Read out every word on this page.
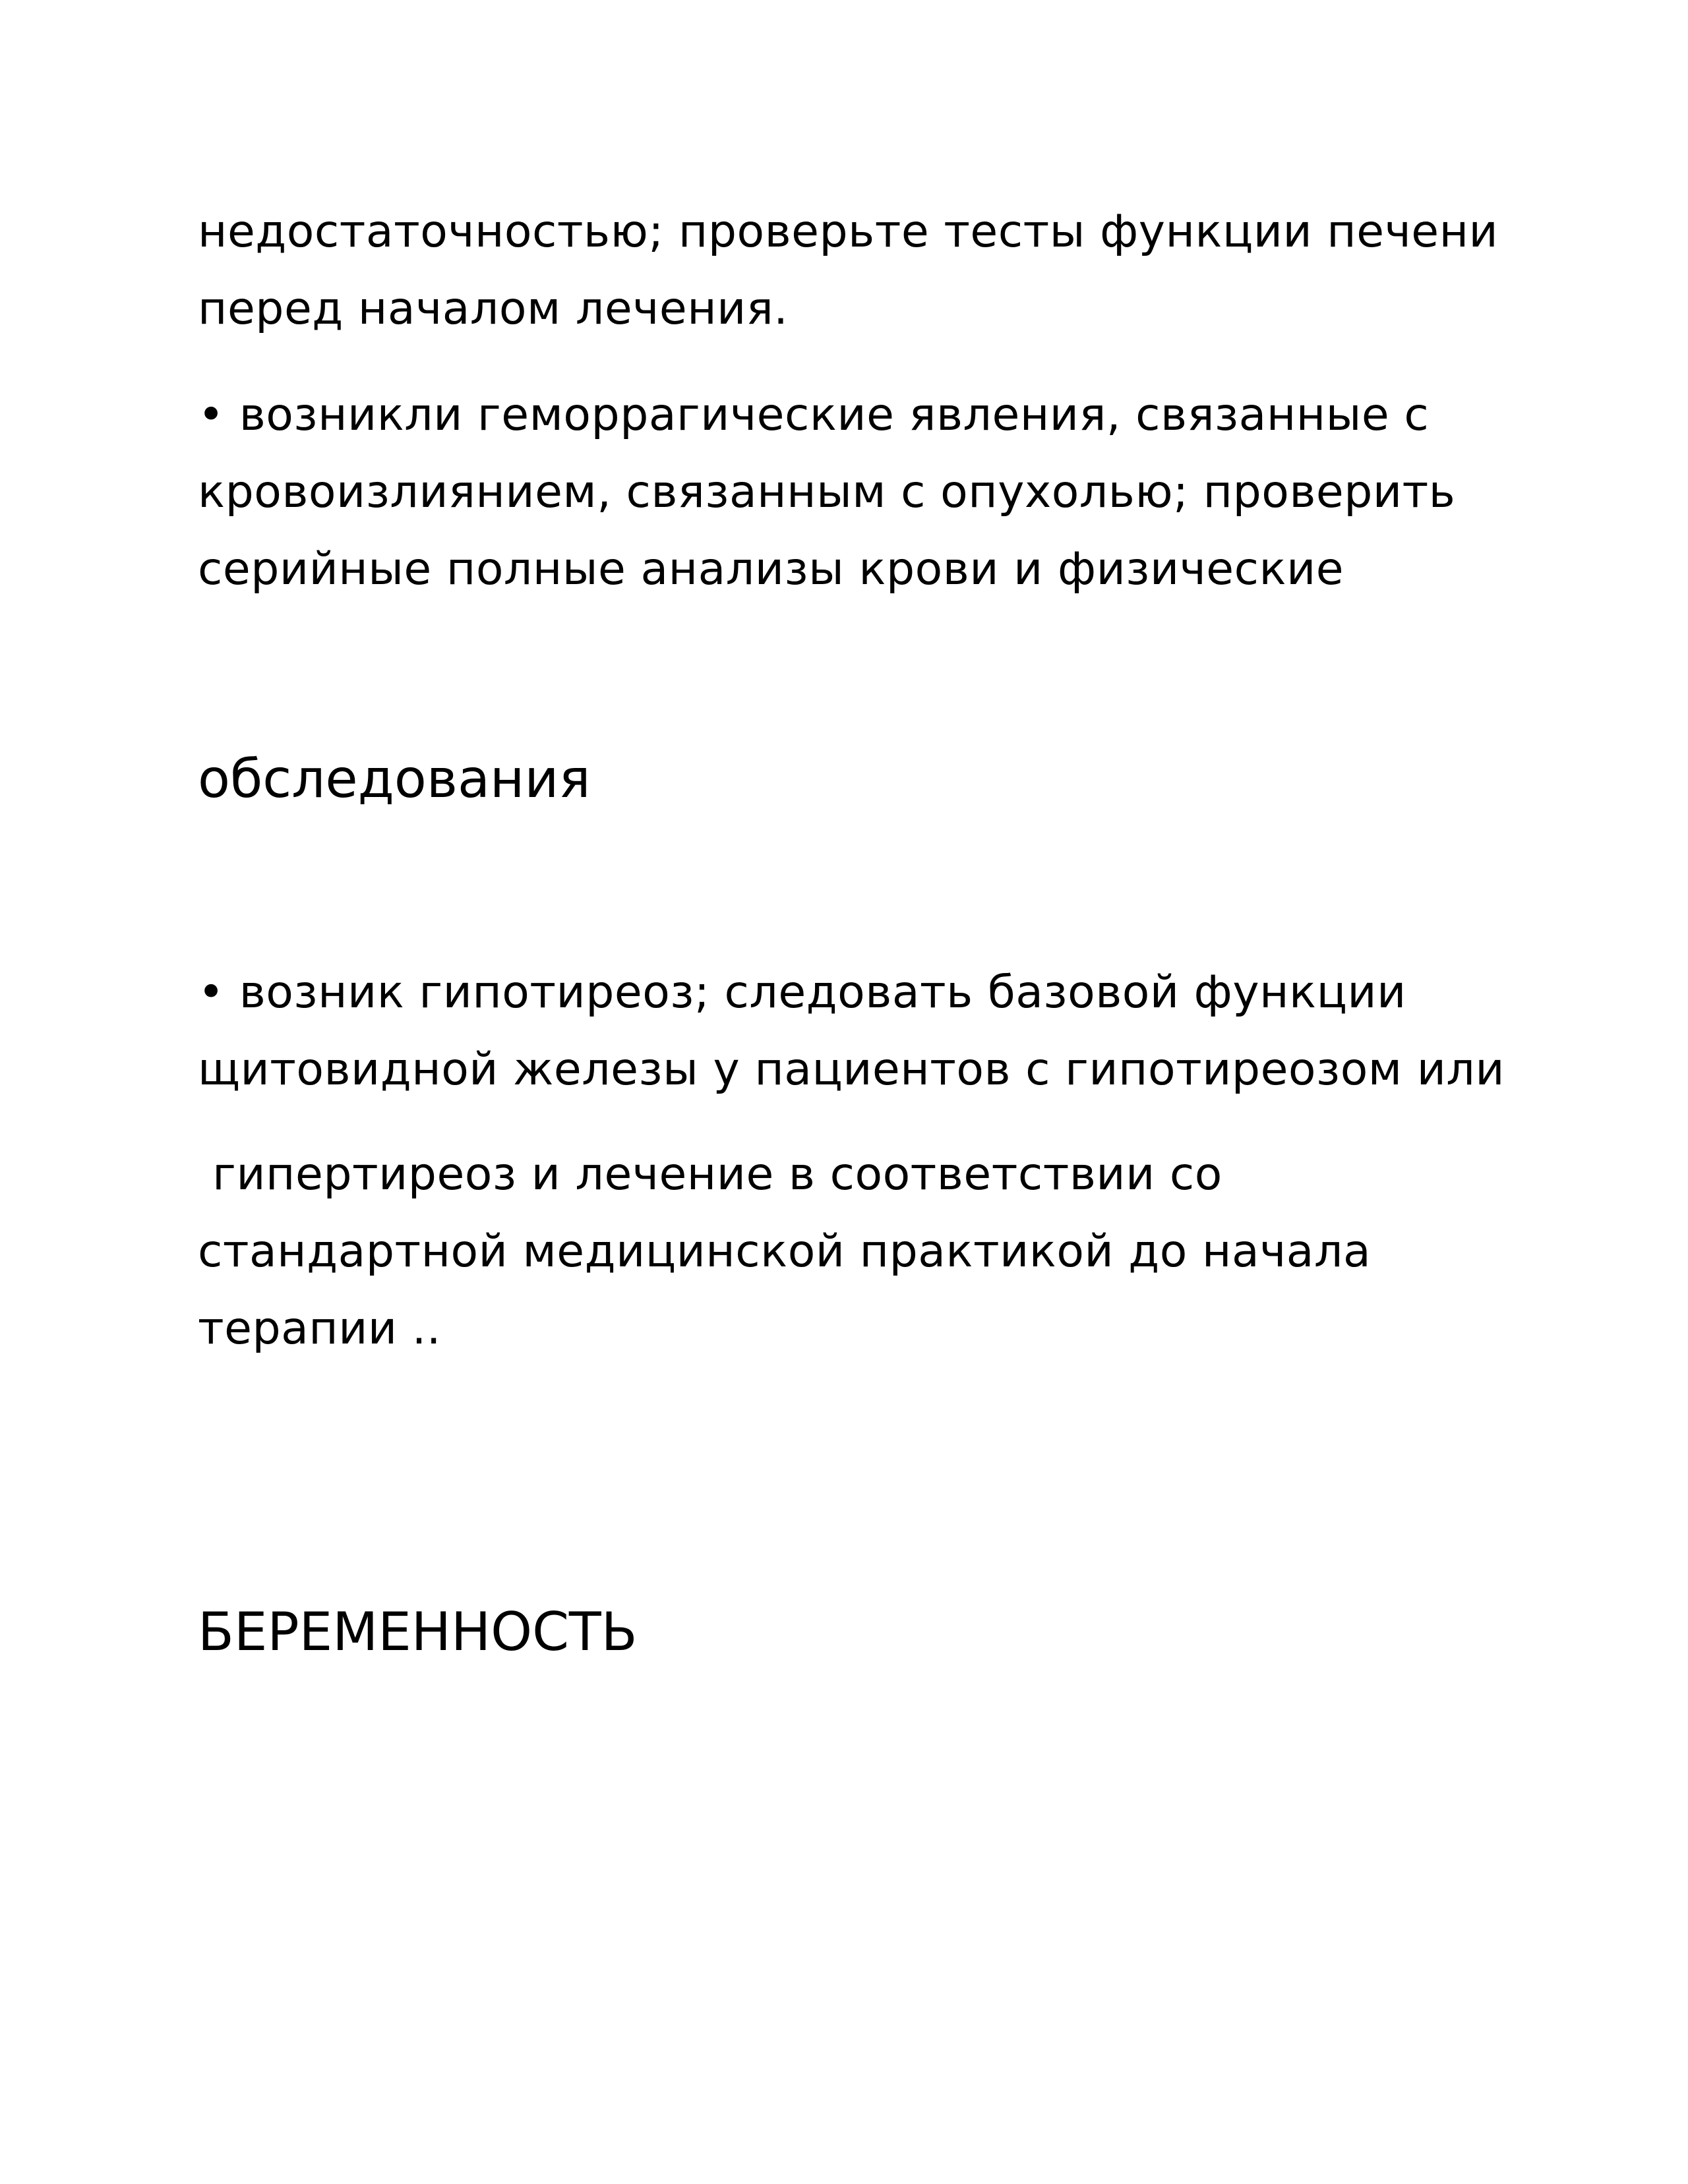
недостаточностью; проверьте тесты функции печени
перед началом лечения.
• возникли геморрагические явления, связанные с
кровоизлиянием, связанным с опухолью; проверить
серийные полные анализы крови и физические
обследования
• возник гипотиреоз; следовать базовой функции
щитовидной железы у пациентов с гипотиреозом или
гипертиреоз и лечение в соответствии со
стандартной медицинской практикой до начала
терапии ..
БЕРЕМЕННОСТЬ
